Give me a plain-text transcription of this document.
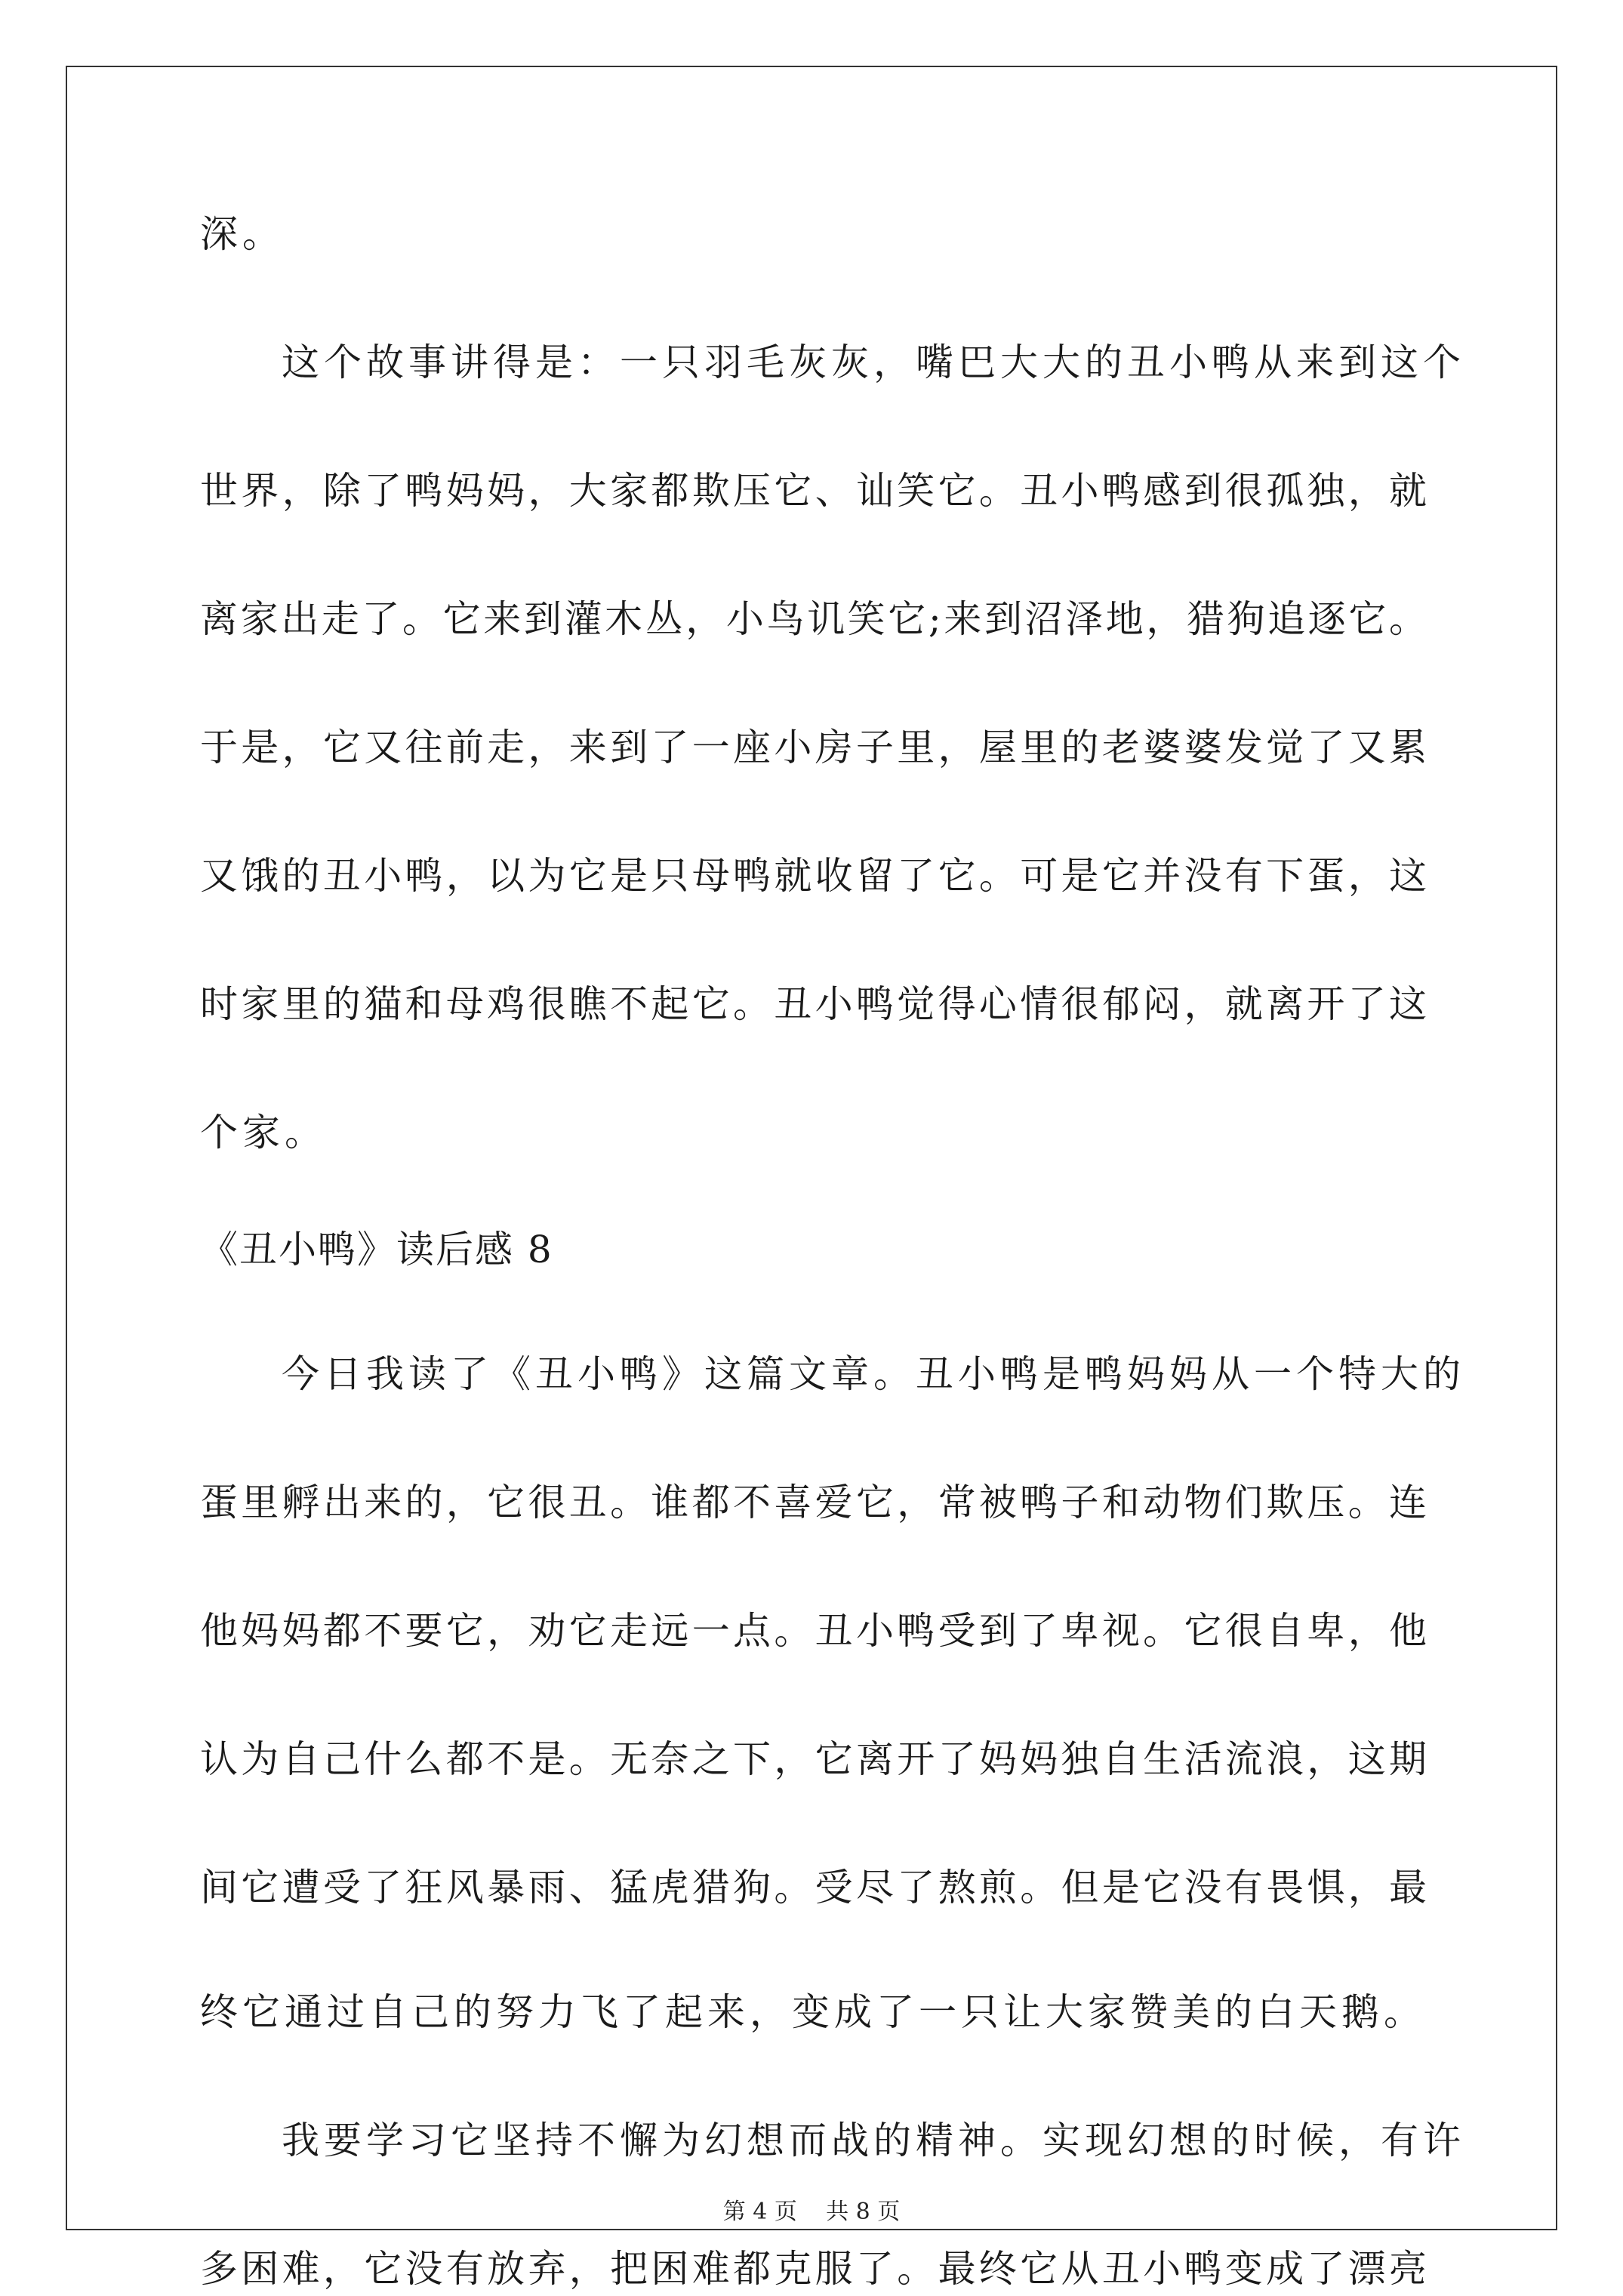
深。
这个故事讲得是：一只羽毛灰灰，嘴巴大大的丑小鸭从来到这个
世界，除了鸭妈妈，大家都欺压它、讪笑它。丑小鸭感到很孤独，就
离家出走了。它来到灌木丛，小鸟讥笑它;来到沼泽地，猎狗追逐它。
于是，它又往前走，来到了一座小房子里，屋里的老婆婆发觉了又累
又饿的丑小鸭，以为它是只母鸭就收留了它。可是它并没有下蛋，这
时家里的猫和母鸡很瞧不起它。丑小鸭觉得心情很郁闷，就离开了这
个家。
《丑小鸭》读后感 8
今日我读了《丑小鸭》这篇文章。丑小鸭是鸭妈妈从一个特大的
蛋里孵出来的，它很丑。谁都不喜爱它，常被鸭子和动物们欺压。连
他妈妈都不要它，劝它走远一点。丑小鸭受到了卑视。它很自卑，他
认为自己什么都不是。无奈之下，它离开了妈妈独自生活流浪，这期
间它遭受了狂风暴雨、猛虎猎狗。受尽了熬煎。但是它没有畏惧，最
终它通过自己的努力飞了起来，变成了一只让大家赞美的白天鹅。
我要学习它坚持不懈为幻想而战的精神。实现幻想的时候，有许
多困难，它没有放弃，把困难都克服了。最终它从丑小鸭变成了漂亮
第 4 页 共 8 页
